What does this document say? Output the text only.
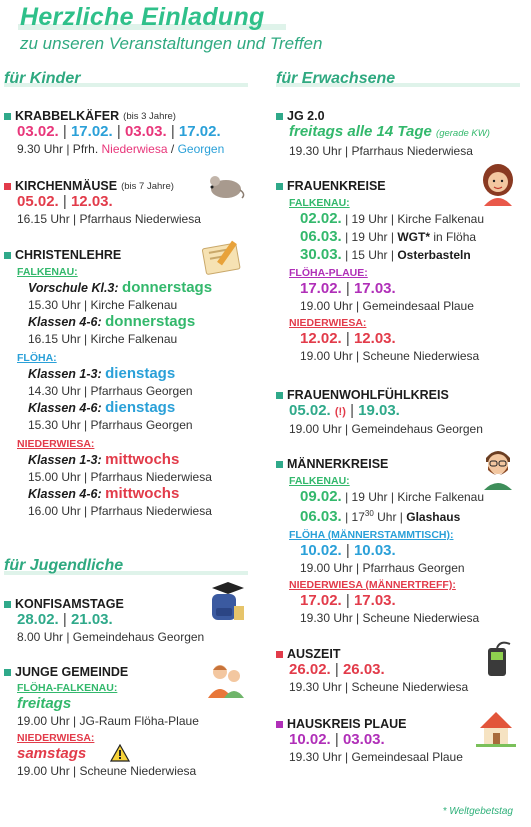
Herzliche Einladung
zu unseren Veranstaltungen und Treffen
für Kinder	für Erwachsene
für Jugendliche
KRABBELKÄFER (bis 3 Jahre)
03.02. | 17.02. | 03.03. | 17.02.
9.30 Uhr | Pfrh. Niederwiesa / Georgen
KIRCHENMÄUSE (bis 7 Jahre)
05.02. | 12.03.
16.15 Uhr | Pfarrhaus Niederwiesa
CHRISTENLEHRE
FALKENAU:
Vorschule Kl.3: donnerstags
15.30 Uhr | Kirche Falkenau
Klassen 4-6: donnerstags
16.15 Uhr | Kirche Falkenau
FLÖHA:
Klassen 1-3: dienstags
14.30 Uhr | Pfarrhaus Georgen
Klassen 4-6: dienstags
15.30 Uhr | Pfarrhaus Georgen
NIEDERWIESA:
Klassen 1-3: mittwochs
15.00 Uhr | Pfarrhaus Niederwiesa
Klassen 4-6: mittwochs
16.00 Uhr | Pfarrhaus Niederwiesa
KONFISAMSTAGE
28.02. | 21.03.
8.00 Uhr | Gemeindehaus Georgen
JUNGE GEMEINDE
FLÖHA-FALKENAU:
freitags
19.00 Uhr | JG-Raum Flöha-Plaue
NIEDERWIESA:
samstags
19.00 Uhr | Scheune Niederwiesa
JG 2.0
freitags alle 14 Tage (gerade KW)
19.30 Uhr | Pfarrhaus Niederwiesa
FRAUENKREISE
FALKENAU:
02.02. | 19 Uhr | Kirche Falkenau
06.03. | 19 Uhr | WGT* in Flöha
30.03. | 15 Uhr | Osterbasteln
FLÖHA-PLAUE:
17.02. | 17.03.
19.00 Uhr | Gemeindesaal Plaue
NIEDERWIESA:
12.02. | 12.03.
19.00 Uhr | Scheune Niederwiesa
FRAUENWOHLFÜHLKREIS
05.02. (!) | 19.03.
19.00 Uhr | Gemeindehaus Georgen
MÄNNERKREISE
FALKENAU:
09.02. | 19 Uhr | Kirche Falkenau
06.03. | $17^{30}$ Uhr | Glashaus
FLÖHA (MÄNNERSTAMMTISCH):
10.02. | 10.03.
19.00 Uhr | Pfarrhaus Georgen
NIEDERWIESA (MÄNNERTREFF):
17.02. | 17.03.
19.30 Uhr | Scheune Niederwiesa
AUSZEIT
26.02. | 26.03.
19.30 Uhr | Scheune Niederwiesa
HAUSKREIS PLAUE
10.02. | 03.03.
19.30 Uhr | Gemeindesaal Plaue
* Weltgebetstag
